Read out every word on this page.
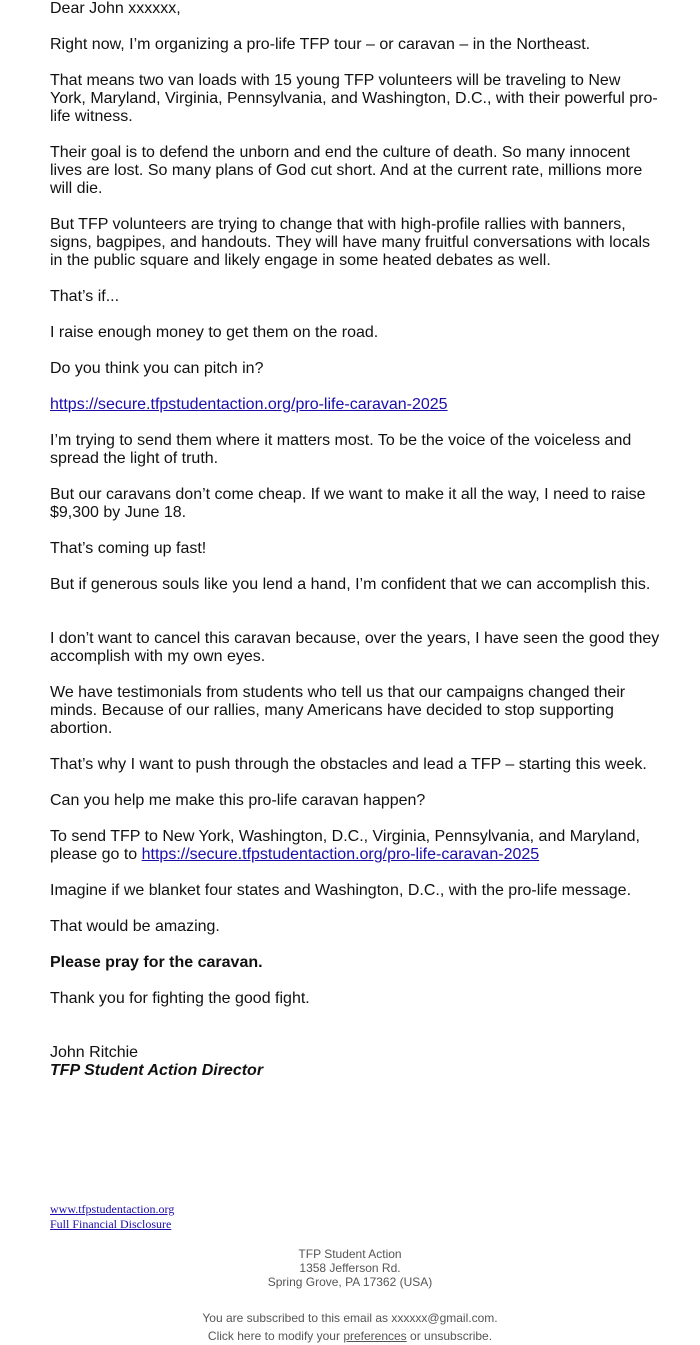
Dear John xxxxxx,

Right now, I’m organizing a pro-life TFP tour – or caravan – in the Northeast.

That means two van loads with 15 young TFP volunteers will be traveling to New York, Maryland, Virginia, Pennsylvania, and Washington, D.C., with their powerful pro-life witness.

Their goal is to defend the unborn and end the culture of death. So many innocent lives are lost. So many plans of God cut short. And at the current rate, millions more will die.

But TFP volunteers are trying to change that with high-profile rallies with banners, signs, bagpipes, and handouts. They will have many fruitful conversations with locals in the public square and likely engage in some heated debates as well.

That’s if...

I raise enough money to get them on the road.

Do you think you can pitch in?

https://secure.tfpstudentaction.org/pro-life-caravan-2025

I’m trying to send them where it matters most. To be the voice of the voiceless and spread the light of truth.

But our caravans don’t come cheap. If we want to make it all the way, I need to raise $9,300 by June 18.

That’s coming up fast!

But if generous souls like you lend a hand, I’m confident that we can accomplish this.

I don’t want to cancel this caravan because, over the years, I have seen the good they accomplish with my own eyes.

We have testimonials from students who tell us that our campaigns changed their minds. Because of our rallies, many Americans have decided to stop supporting abortion.

That’s why I want to push through the obstacles and lead a TFP – starting this week.

Can you help me make this pro-life caravan happen?

To send TFP to New York, Washington, D.C., Virginia, Pennsylvania, and Maryland, please go to https://secure.tfpstudentaction.org/pro-life-caravan-2025

Imagine if we blanket four states and Washington, D.C., with the pro-life message.

That would be amazing.

Please pray for the caravan.

Thank you for fighting the good fight.

John Ritchie

TFP Student Action Director

www.tfpstudentaction.org
Full Financial Disclosure
TFP Student Action
1358 Jefferson Rd.
Spring Grove, PA 17362 (USA)
You are subscribed to this email as xxxxxx@gmail.com.
Click here to modify your preferences or unsubscribe.
